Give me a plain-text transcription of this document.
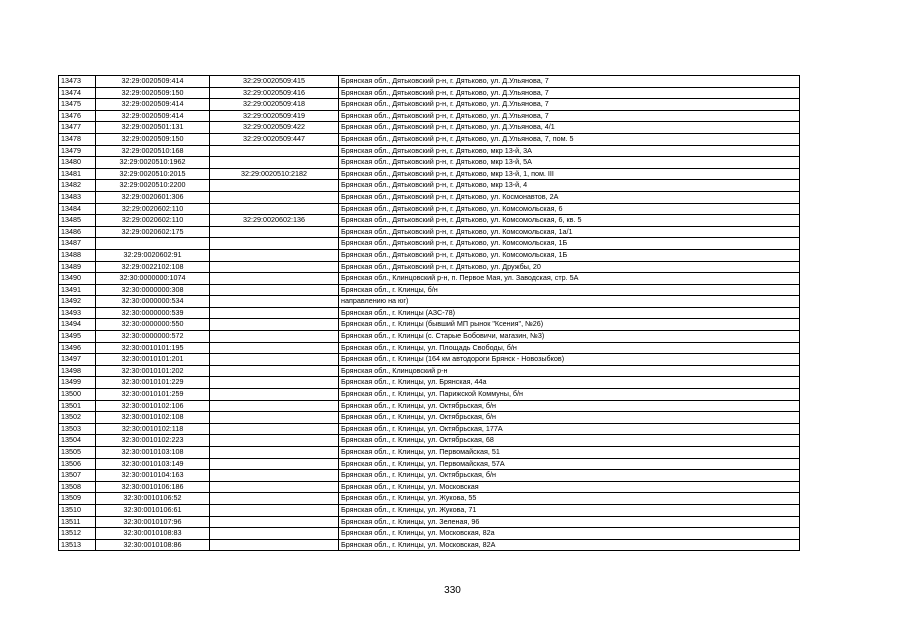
13473	32:29:0020509:414	32:29:0020509:415	Брянская обл., Дятьковский р-н, г. Дятьково, ул. Д.Ульянова, 7
13474	32:29:0020509:150	32:29:0020509:416	Брянская обл., Дятьковский р-н, г. Дятьково, ул. Д.Ульянова, 7
13475	32:29:0020509:414	32:29:0020509:418	Брянская обл., Дятьковский р-н, г. Дятьково, ул. Д.Ульянова, 7
13476	32:29:0020509:414	32:29:0020509:419	Брянская обл., Дятьковский р-н, г. Дятьково, ул. Д.Ульянова, 7
13477	32:29:0020501:131	32:29:0020509:422	Брянская обл., Дятьковский р-н, г. Дятьково, ул. Д.Ульянова, 4/1
13478	32:29:0020509:150	32:29:0020509:447	Брянская обл., Дятьковский р-н, г. Дятьково, ул. Д.Ульянова, 7, пом. 5
13479	32:29:0020510:168		Брянская обл., Дятьковский р-н, г. Дятьково, мкр 13-й, 3А
13480	32:29:0020510:1962		Брянская обл., Дятьковский р-н, г. Дятьково, мкр 13-й, 5А
13481	32:29:0020510:2015	32:29:0020510:2182	Брянская обл., Дятьковский р-н, г. Дятьково, мкр 13-й, 1, пом. III
13482	32:29:0020510:2200		Брянская обл., Дятьковский р-н, г. Дятьково, мкр 13-й, 4
13483	32:29:0020601:306		Брянская обл., Дятьковский р-н, г. Дятьково, ул. Космонавтов, 2А
13484	32:29:0020602:110		Брянская обл., Дятьковский р-н, г. Дятьково, ул. Комсомольская, 6
13485	32:29:0020602:110	32:29:0020602:136	Брянская обл., Дятьковский р-н, г. Дятьково, ул. Комсомольская, 6, кв. 5
13486	32:29:0020602:175		Брянская обл., Дятьковский р-н, г. Дятьково, ул. Комсомольская, 1а/1
13487			Брянская обл., Дятьковский р-н, г. Дятьково, ул. Комсомольская, 1Б
13488	32:29:0020602:91		Брянская обл., Дятьковский р-н, г. Дятьково, ул. Комсомольская, 1Б
13489	32:29:0022102:108		Брянская обл., Дятьковский р-н, г. Дятьково, ул. Дружбы, 20
13490	32:30:0000000:1074		Брянская обл., Клинцовский р-н, п. Первое Мая, ул. Заводская, стр. 5А
13491	32:30:0000000:308		Брянская обл., г. Клинцы, б/н
13492	32:30:0000000:534		направлению на юг)
13493	32:30:0000000:539		Брянская обл., г. Клинцы (АЗС-78)
13494	32:30:0000000:550		Брянская обл., г. Клинцы (бывший МП рынок "Ксения", №26)
13495	32:30:0000000:572		Брянская обл., г. Клинцы (с. Старые Бобовичи, магазин, №3)
13496	32:30:0010101:195		Брянская обл., г. Клинцы, ул. Площадь Свободы, б/н
13497	32:30:0010101:201		Брянская обл., г. Клинцы (164 км автодороги Брянск - Новозыбков)
13498	32:30:0010101:202		Брянская обл., Клинцовский р-н
13499	32:30:0010101:229		Брянская обл., г. Клинцы, ул. Брянская, 44а
13500	32:30:0010101:259		Брянская обл., г. Клинцы, ул. Парижской Коммуны, б/н
13501	32:30:0010102:106		Брянская обл., г. Клинцы, ул. Октябрьская, б/н
13502	32:30:0010102:108		Брянская обл., г. Клинцы, ул. Октябрьская, б/н
13503	32:30:0010102:118		Брянская обл., г. Клинцы, ул. Октябрьская, 177А
13504	32:30:0010102:223		Брянская обл., г. Клинцы, ул. Октябрьская, 68
13505	32:30:0010103:108		Брянская обл., г. Клинцы, ул. Первомайская, 51
13506	32:30:0010103:149		Брянская обл., г. Клинцы, ул. Первомайская, 57А
13507	32:30:0010104:163		Брянская обл., г. Клинцы, ул. Октябрьская, б/н
13508	32:30:0010106:186		Брянская обл., г. Клинцы, ул. Московская
13509	32:30:0010106:52		Брянская обл., г. Клинцы, ул. Жукова, 55
13510	32:30:0010106:61		Брянская обл., г. Клинцы, ул. Жукова, 71
13511	32:30:0010107:96		Брянская обл., г. Клинцы, ул. Зеленая, 96
13512	32:30:0010108:83		Брянская обл., г. Клинцы, ул. Московская, 82а
13513	32:30:0010108:86		Брянская обл., г. Клинцы, ул. Московская, 82А
330
